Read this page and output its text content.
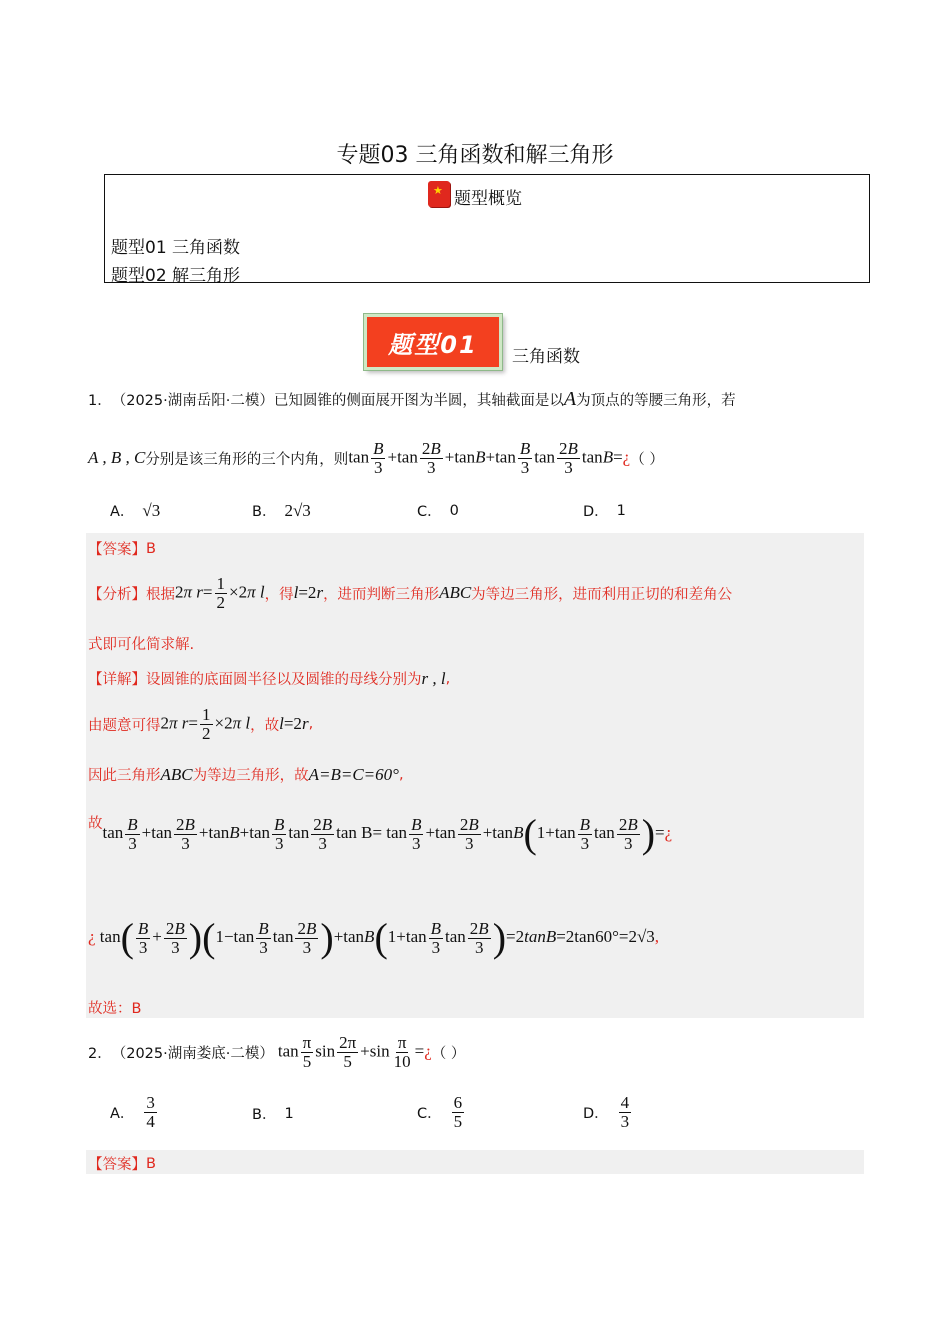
专题03 三角函数和解三角形
★
题型概览
题型01 三角函数
题型02 解三角形
题型01	三角函数
1． （2025·湖南岳阳·二模） 已知圆锥的侧面展开图为半圆，其轴截面是以 A 为顶点的等腰三角形，若
A , B , C 分别是该三角形的三个内角，则 $\tan \frac{B}{3} +\tan \frac{2B}{3} +\tan B+\tan \frac{B}{3}$ $\tan \frac{2B}{3}$ tanB=¿ （ ）
A． √3	B． 2√3	C． 0	D． 1
【答案】 B
【分析】 根据 2π $r= \frac{1}{2} \times 2\pi$ l ，得 l=2r ，进而判断三角形 ABC 为等边三角形，进而利用正切的和差角公
式即可化简求解.
【详解】 设圆锥的底面圆半径以及圆锥的母线分别为 r , l ,
由题意可得 2π $r= \frac{1}{2} \times 2\pi$ l ，故 l=2r ,
因此三角形 ABC 为等边三角形，故 A=B=C=60° ,
故 $\tan \frac{B}{3} +\tan \frac{2B}{3} +\tan B+\tan \frac{B}{3}$ $\tan \frac{2B}{3}$ $\tan B= \tan \frac{B}{3} +\tan \frac{2B}{3} +\tan B(1+\tan \frac{B}{3}$ $\tan \frac{2B}{3}$ )=¿
¿ $\tan( \frac{B}{3} + \frac{2B}{3} )(1-\tan \frac{B}{3}$ $\tan \frac{2B}{3} )+\tan B(1+\tan \frac{B}{3}$ $\tan \frac{2B}{3} )=2\tan B=2\tan 60^\circ=2√3$,
故选：B
2． （2025·湖南娄底·二模） $\tan \frac{\pi}{5}$ $\sin \frac{2\pi}{5} +\sin \frac{\pi}{10}$ =¿ （ ）
A． $\frac{3}{4}$	B． 1	C． $\frac{6}{5}$	D． $\frac{4}{3}$
【答案】 B
